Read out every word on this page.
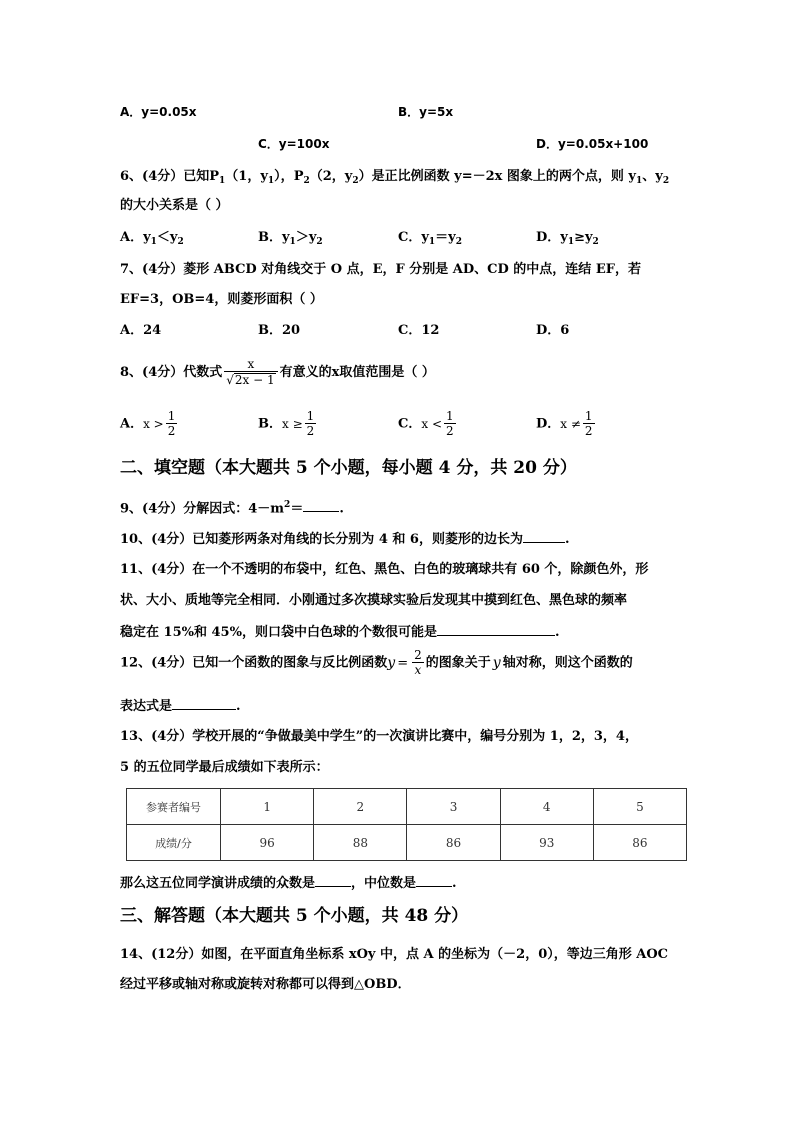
A．y=0.05x	B．y=5x
C．y=100x	D．y=0.05x+100
6、(4分）已知$P_1(1$，$y_1$），$P_2(2$，$y_2$）是正比例函数 y=－2x 图象上的两个点，则 $y_1$、$y_2$
的大小关系是（ ）
A．$y_1<y_2$	B．$y_1>y_2$	C．$y_1=y_2$	D．$y_1\ge y_2$
7、(4分）菱形 ABCD 对角线交于 O 点，E，F 分别是 AD、CD 的中点，连结 EF，若
EF=3，OB=4，则菱形面积（ ）
A．24	B．20	C．12	D．6
8、(4分）代数式 $\frac{x}{√2x - 1}$ 有意义的x取值范围是（ ）
A．$x > \frac{1}{2}$	B．$x \ge \frac{1}{2}$	C．$x < \frac{1}{2}$	D．$x \ne \frac{1}{2}$
二、填空题（本大题共 5 个小题，每小题 4 分，共 20 分）
9、(4分）分解因式：$4-m^2=$	.
10、(4分）已知菱形两条对角线的长分别为 4 和 6，则菱形的边长为	.
11、(4分）在一个不透明的布袋中，红色、黑色、白色的玻璃球共有 60 个，除颜色外，形
状、大小、质地等完全相同．小刚通过多次摸球实验后发现其中摸到红色、黑色球的频率
稳定在 15%和 45%，则口袋中白色球的个数很可能是	.
12、(4分）已知一个函数的图象与反比例函数$y = \frac{2}{x}$ 的图象关于 y 轴对称，则这个函数的
表达式是	.
13、(4分）学校开展的“争做最美中学生”的一次演讲比赛中，编号分别为 1，2，3，4，
5 的五位同学最后成绩如下表所示：
参赛者编号	1	2	3	4	5
成绩/分	96	88	86	93	86
那么这五位同学演讲成绩的众数是	，中位数是	.
三、解答题（本大题共 5 个小题，共 48 分）
14、(12分）如图，在平面直角坐标系 xOy 中，点 A 的坐标为（－2，0），等边三角形 AOC
经过平移或轴对称或旋转对称都可以得到△OBD．
